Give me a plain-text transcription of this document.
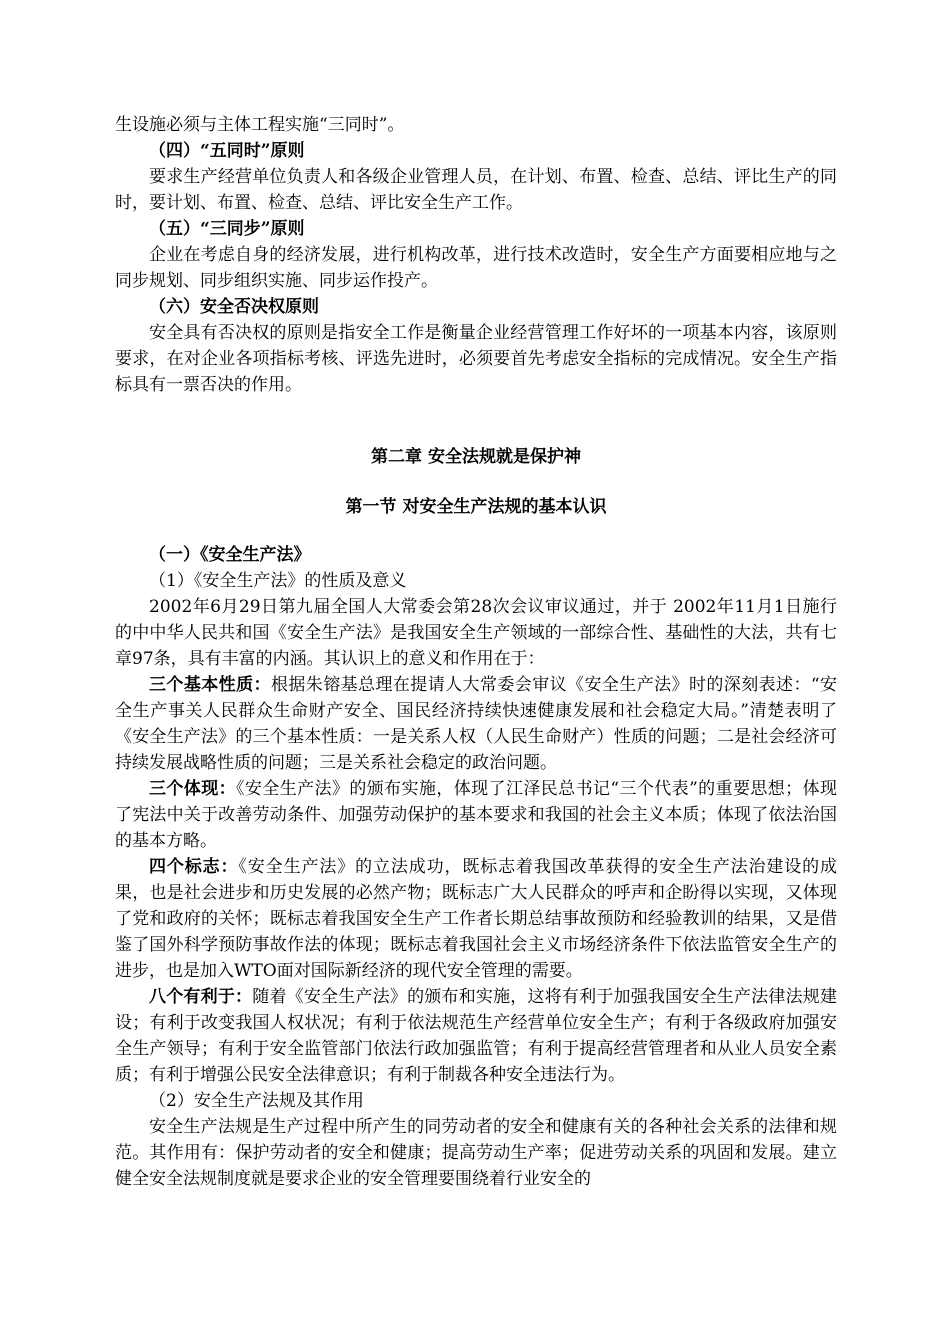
生设施必须与主体工程实施“三同时”。

（四）“五同时”原则

要求生产经营单位负责人和各级企业管理人员，在计划、布置、检查、总结、评比生产的同时，要计划、布置、检查、总结、评比安全生产工作。

（五）“三同步”原则

企业在考虑自身的经济发展，进行机构改革，进行技术改造时，安全生产方面要相应地与之同步规划、同步组织实施、同步运作投产。

（六）安全否决权原则

安全具有否决权的原则是指安全工作是衡量企业经营管理工作好坏的一项基本内容，该原则要求，在对企业各项指标考核、评选先进时，必须要首先考虑安全指标的完成情况。安全生产指标具有一票否决的作用。

第二章 安全法规就是保护神

第一节 对安全生产法规的基本认识

（一）《安全生产法》

（1）《安全生产法》的性质及意义

2002年6月29日第九届全国人大常委会第28次会议审议通过，并于 2002年11月1日施行的中中华人民共和国《安全生产法》是我国安全生产领域的一部综合性、基础性的大法，共有七章97条，具有丰富的内涵。其认识上的意义和作用在于：

三个基本性质：根据朱镕基总理在提请人大常委会审议《安全生产法》时的深刻表述：“安全生产事关人民群众生命财产安全、国民经济持续快速健康发展和社会稳定大局。”清楚表明了《安全生产法》的三个基本性质：一是关系人权（人民生命财产）性质的问题；二是社会经济可持续发展战略性质的问题；三是关系社会稳定的政治问题。

三个体现：《安全生产法》的颁布实施，体现了江泽民总书记“三个代表”的重要思想；体现了宪法中关于改善劳动条件、加强劳动保护的基本要求和我国的社会主义本质；体现了依法治国的基本方略。

四个标志：《安全生产法》的立法成功，既标志着我国改革获得的安全生产法治建设的成果，也是社会进步和历史发展的必然产物；既标志广大人民群众的呼声和企盼得以实现，又体现了党和政府的关怀；既标志着我国安全生产工作者长期总结事故预防和经验教训的结果，又是借鉴了国外科学预防事故作法的体现；既标志着我国社会主义市场经济条件下依法监管安全生产的进步，也是加入WTO面对国际新经济的现代安全管理的需要。

八个有利于：随着《安全生产法》的颁布和实施，这将有利于加强我国安全生产法律法规建设；有利于改变我国人权状况；有利于依法规范生产经营单位安全生产；有利于各级政府加强安全生产领导；有利于安全监管部门依法行政加强监管；有利于提高经营管理者和从业人员安全素质；有利于增强公民安全法律意识；有利于制裁各种安全违法行为。

（2）安全生产法规及其作用

安全生产法规是生产过程中所产生的同劳动者的安全和健康有关的各种社会关系的法律和规范。其作用有：保护劳动者的安全和健康；提高劳动生产率；促进劳动关系的巩固和发展。建立健全安全法规制度就是要求企业的安全管理要围绕着行业安全的
